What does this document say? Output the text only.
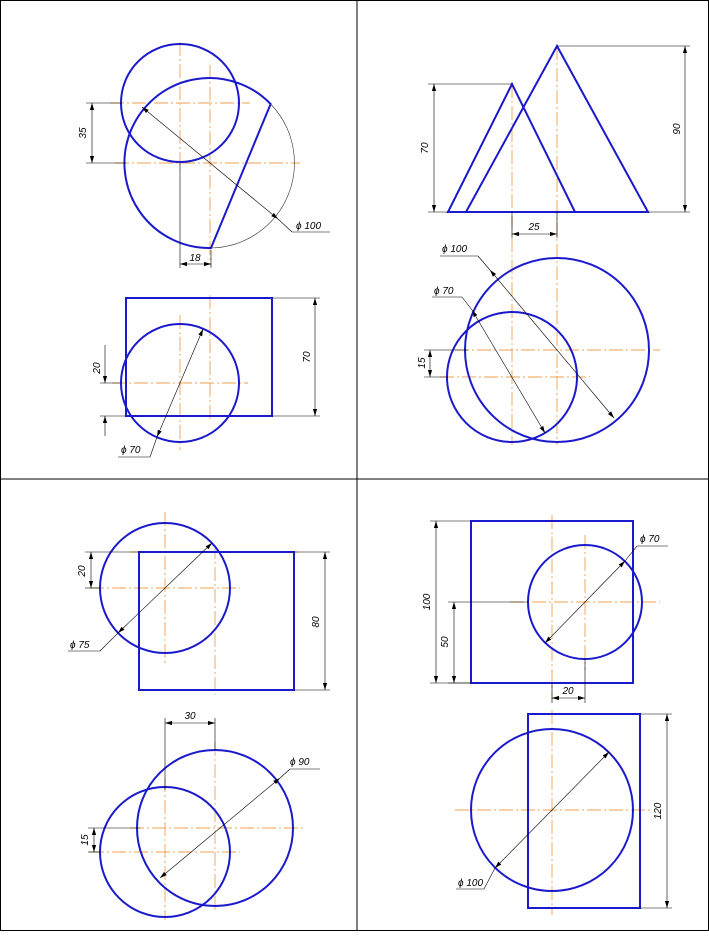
35
18
ϕ 100
20
70
ϕ 70
70
90
25
ϕ 100
ϕ 70
15
20
ϕ 75
80
30
ϕ 90
15
100
50
ϕ 70
20
120
ϕ 100
